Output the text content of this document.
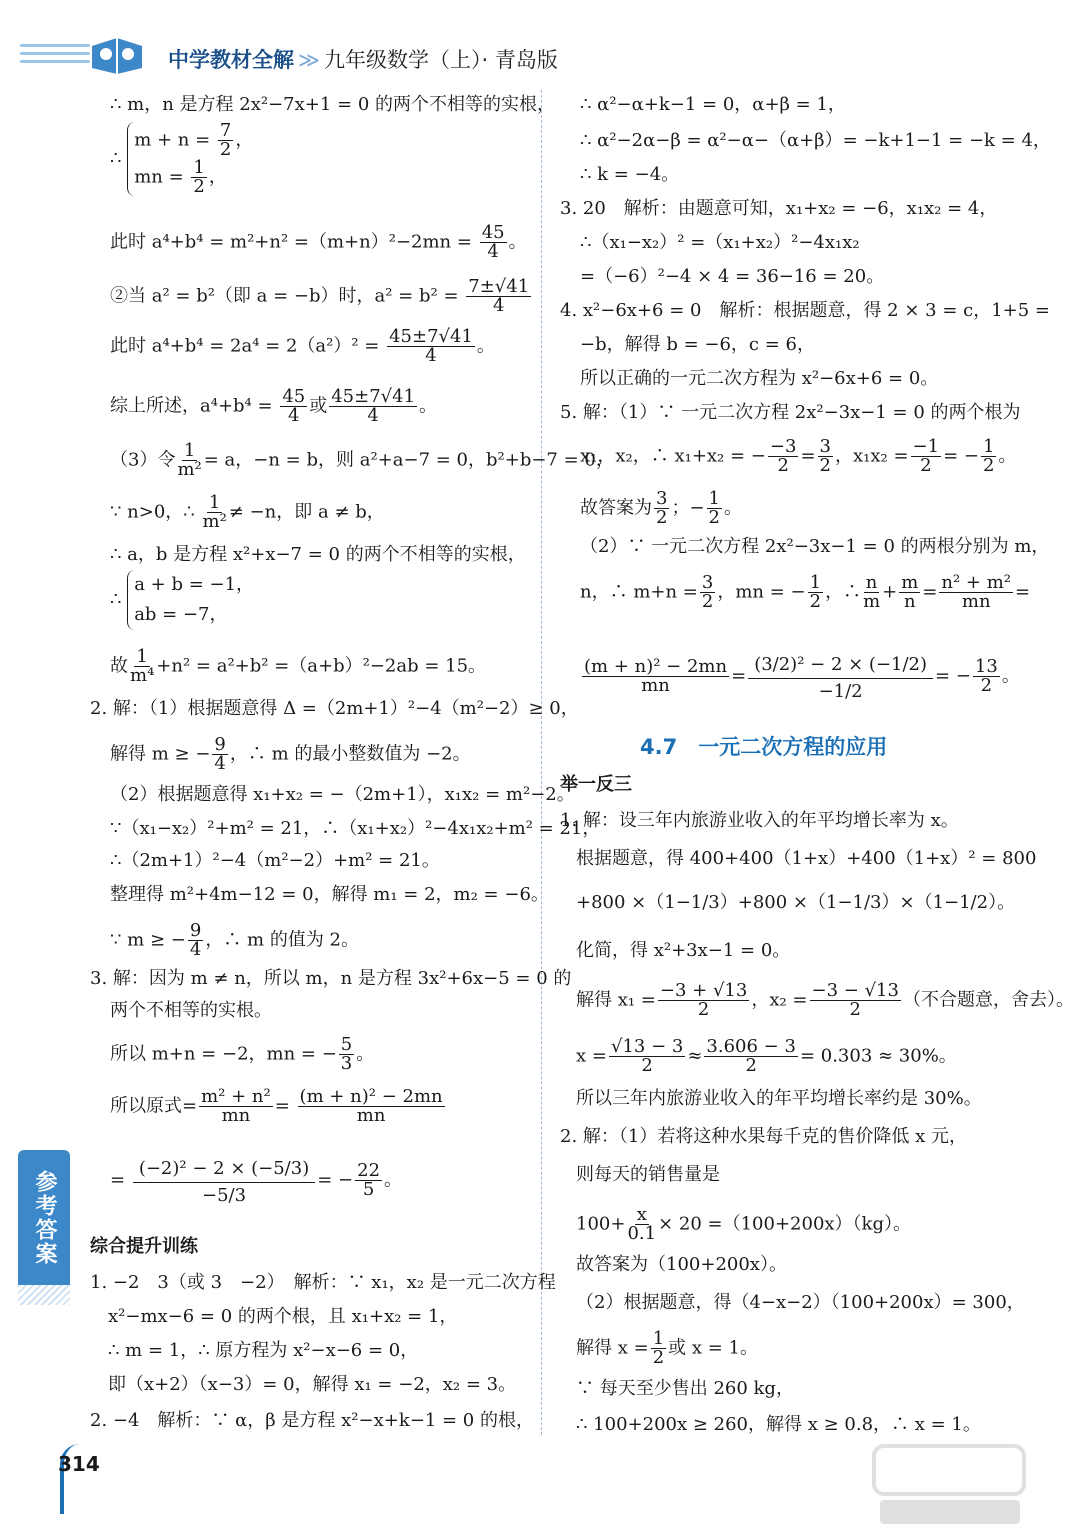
中学教材全解 ≫ 九年级数学（上）· 青岛版
∴ m，n 是方程 2x²−7x+1 = 0 的两个不相等的实根，
∴
$m + n = \frac{7}{2}$ ，
mn = $\frac{1}{2}$ ，
此时 $a^4+b^4 = m^2+n^2 =(m+n)^2-2mn = \frac{45}{4}$ 。
②当 a² = b²（即 a = −b）时，$a^2 = b^2 = \frac{7\pm√41}{4}$
此时 $a^4+b^4 = 2a^4 = 2(a^2)^2 = \frac{45\pm 7√41}{4}$ 。
综上所述，$a^4+b^4 = \frac{45}{4}$ 或 $\frac{45\pm 7√41}{4}$ 。
（3）令 $\frac{1}{\text{m²}} = a$，−n = b，则 a²+a−7 = 0，b²+b−7 = 0，
∵ n>0，∴ $\frac{1}{\text{m²}} \ne -n$，即 a ≠ b，
∴ a，b 是方程 x²+x−7 = 0 的两个不相等的实根，
∴
a + b = −1，
ab = −7，
故 $\frac{1}{\text{m⁴}} +n^2 = a^2+b^2 =(a+b)^2-2ab = 15$。
2. 解：（1）根据题意得 Δ =（2m+1）²−4（m²−2）≥ 0，
解得 m ≥ − $\frac{9}{4}$ ，∴ m 的最小整数值为 −2。
（2）根据题意得 x₁+x₂ = −（2m+1），x₁x₂ = m²−2。
∵（x₁−x₂）²+m² = 21，∴（x₁+x₂）²−4x₁x₂+m² = 21，
∴（2m+1）²−4（m²−2）+m² = 21。
整理得 m²+4m−12 = 0，解得 m₁ = 2，m₂ = −6。
∵ m ≥ − $\frac{9}{4}$ ，∴ m 的值为 2。
3. 解：因为 m ≠ n，所以 m，n 是方程 3x²+6x−5 = 0 的
两个不相等的实根。
所以 m+n = −2，mn = − $\frac{5}{3}$ 。
所以原式= $\frac{\text{m² + n²}}{mn} = \frac{\text{(m + n)² − 2mn}}{mn}$
= $\frac{\text{(−2)² − 2 × (−5/3)}}{-5/3}$ = − $\frac{22}{5}$ 。
综合提升训练
1. −2　3（或 3　−2）　解析：∵ x₁，x₂ 是一元二次方程
x²−mx−6 = 0 的两个根，且 x₁+x₂ = 1，
∴ m = 1，∴ 原方程为 x²−x−6 = 0，
即（x+2）（x−3）= 0，解得 x₁ = −2，x₂ = 3。
2. −4　解析：∵ α，β 是方程 x²−x+k−1 = 0 的根，
∴ α²−α+k−1 = 0，α+β = 1，
∴ α²−2α−β = α²−α−（α+β）= −k+1−1 = −k = 4，
∴ k = −4。
3. 20　解析：由题意可知，x₁+x₂ = −6，x₁x₂ = 4，
∴（x₁−x₂）² =（x₁+x₂）²−4x₁x₂
=（−6）²−4 × 4 = 36−16 = 20。
4. x²−6x+6 = 0　解析：根据题意，得 2 × 3 = c，1+5 =
−b，解得 b = −6，c = 6，
所以正确的一元二次方程为 x²−6x+6 = 0。
5. 解：（1）∵ 一元二次方程 2x²−3x−1 = 0 的两个根为
x₁，x₂，∴ x₁+x₂ = − $\frac{-3}{2} = \frac{3}{2}$ ，$x_1x_2 = \frac{-1}{2}$ = − $\frac{1}{2}$ 。
故答案为 $\frac{3}{2}$ ；− $\frac{1}{2}$ 。
（2）∵ 一元二次方程 2x²−3x−1 = 0 的两根分别为 m，
n，∴ $m+n = \frac{3}{2}$ ，mn = − $\frac{1}{2}$ ，∴ $\frac{n}{m} + \frac{m}{n} = \frac{\text{n² + m²}}{mn}$ =
$\frac{\text{(m + n)² − 2mn}}{mn} = \frac{\text{(3/2)² − 2 × (−1/2)}}{-1/2}$ = − $\frac{13}{2}$ 。
4.7　一元二次方程的应用
举一反三
1. 解：设三年内旅游业收入的年平均增长率为 x。
根据题意，得 400+400（1+x）+400（1+x）² = 800
+800 ×（1−1/3）+800 ×（1−1/3）×（1−1/2）。
化简，得 x²+3x−1 = 0。
解得 $x_1 = \frac{-3 + √13}{2}$ ，$x_2 = \frac{-3 - √13}{2}$ （不合题意，舍去）。
$x = \frac{√13 - 3}{2} \approx \frac{3.606 - 3}{2} = 0.303 \approx 30\%$。
所以三年内旅游业收入的年平均增长率约是 30%。
2. 解：（1）若将这种水果每千克的售价降低 x 元，
则每天的销售量是
$100+ \frac{x}{0.1} \times 20 =(100+200x)(kg)$。
故答案为（100+200x）。
（2）根据题意，得（4−x−2）（100+200x）= 300，
解得 $x = \frac{1}{2}$ 或 x = 1。
∵ 每天至少售出 260 kg，
∴ 100+200x ≥ 260，解得 x ≥ 0.8，∴ x = 1。
参考答案
314
